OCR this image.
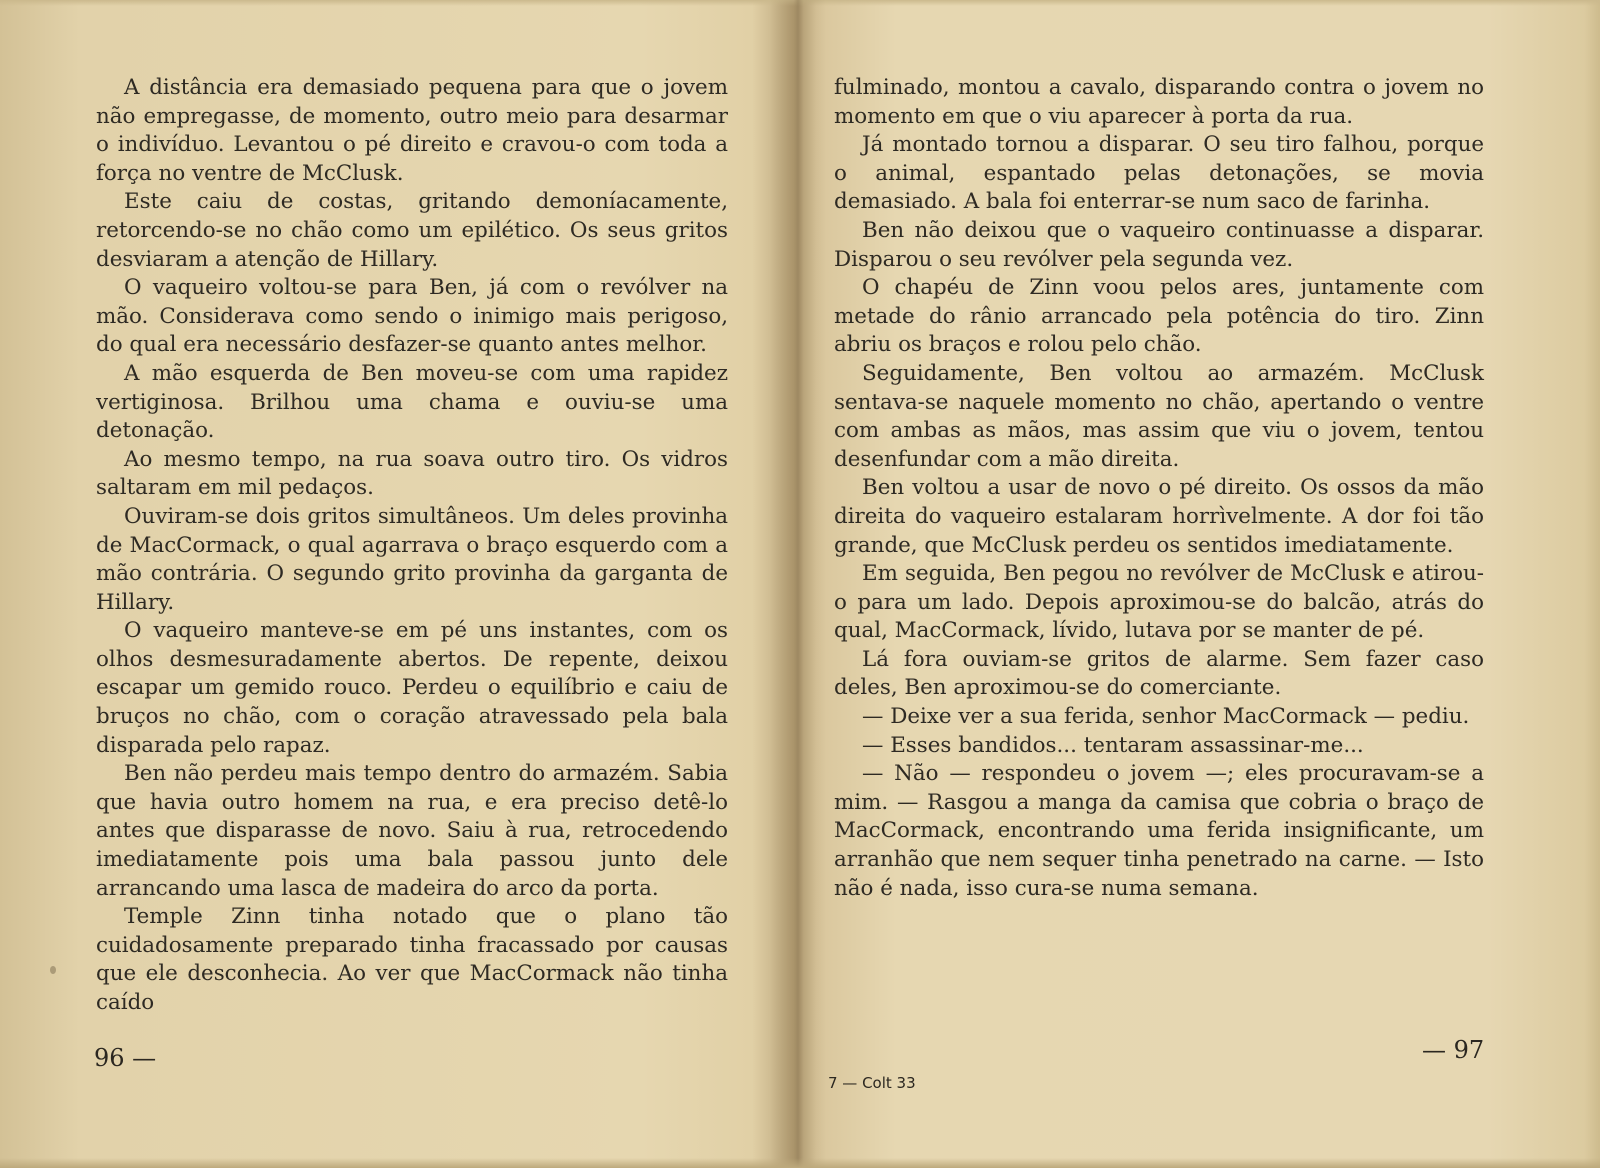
A distância era demasiado pequena para que o jovem não empregasse, de momento, outro meio para desarmar o indivíduo. Levantou o pé direito e cravou-o com toda a força no ventre de McClusk.

Este caiu de costas, gritando demoníacamente, retorcendo-se no chão como um epilético. Os seus gritos desviaram a atenção de Hillary.

O vaqueiro voltou-se para Ben, já com o revólver na mão. Considerava como sendo o inimigo mais perigoso, do qual era necessário desfazer-se quanto antes melhor.

A mão esquerda de Ben moveu-se com uma rapidez vertiginosa. Brilhou uma chama e ouviu-se uma detonação.

Ao mesmo tempo, na rua soava outro tiro. Os vidros saltaram em mil pedaços.

Ouviram-se dois gritos simultâneos. Um deles provinha de MacCormack, o qual agarrava o braço esquerdo com a mão contrária. O segundo grito provinha da garganta de Hillary.

O vaqueiro manteve-se em pé uns instantes, com os olhos desmesuradamente abertos. De repente, deixou escapar um gemido rouco. Perdeu o equilíbrio e caiu de bruços no chão, com o coração atravessado pela bala disparada pelo rapaz.

Ben não perdeu mais tempo dentro do armazém. Sabia que havia outro homem na rua, e era preciso detê-lo antes que disparasse de novo. Saiu à rua, retrocedendo imediatamente pois uma bala passou junto dele arrancando uma lasca de madeira do arco da porta.

Temple Zinn tinha notado que o plano tão cuidadosamente preparado tinha fracassado por causas que ele desconhecia. Ao ver que MacCormack não tinha caído

fulminado, montou a cavalo, disparando contra o jovem no momento em que o viu aparecer à porta da rua.

Já montado tornou a disparar. O seu tiro falhou, porque o animal, espantado pelas detonações, se movia demasiado. A bala foi enterrar-se num saco de farinha.

Ben não deixou que o vaqueiro continuasse a disparar. Disparou o seu revólver pela segunda vez.

O chapéu de Zinn voou pelos ares, juntamente com metade do rânio arrancado pela potência do tiro. Zinn abriu os braços e rolou pelo chão.

Seguidamente, Ben voltou ao armazém. McClusk sentava-se naquele momento no chão, apertando o ventre com ambas as mãos, mas assim que viu o jovem, tentou desenfundar com a mão direita.

Ben voltou a usar de novo o pé direito. Os ossos da mão direita do vaqueiro estalaram horrìvelmente. A dor foi tão grande, que McClusk perdeu os sentidos imediatamente.

Em seguida, Ben pegou no revólver de McClusk e atirou-o para um lado. Depois aproximou-se do balcão, atrás do qual, MacCormack, lívido, lutava por se manter de pé.

Lá fora ouviam-se gritos de alarme. Sem fazer caso deles, Ben aproximou-se do comerciante.

— Deixe ver a sua ferida, senhor MacCormack — pediu.

— Esses bandidos... tentaram assassinar-me...

— Não — respondeu o jovem —; eles procuravam-se a mim. — Rasgou a manga da camisa que cobria o braço de MacCormack, encontrando uma ferida insignificante, um arranhão que nem sequer tinha penetrado na carne. — Isto não é nada, isso cura-se numa semana.

96 —	— 97
7 — Colt 33
